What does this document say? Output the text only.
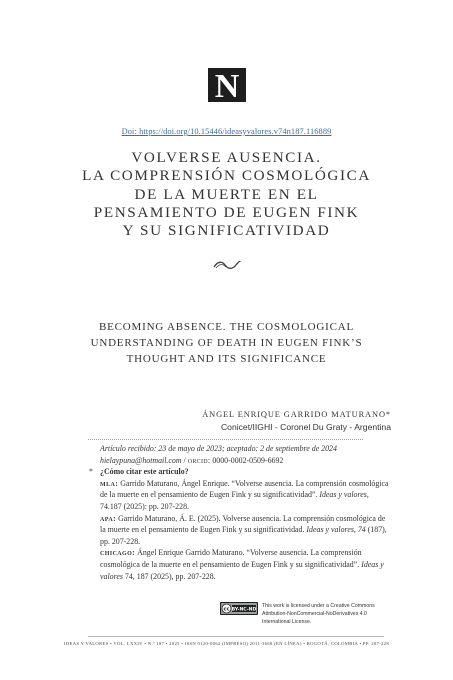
N
Doi: https://doi.org/10.15446/ideasyvalores.v74n187.116889
VOLVERSE AUSENCIA.
LA COMPRENSIÓN COSMOLÓGICA
DE LA MUERTE EN EL
PENSAMIENTO DE EUGEN FINK
Y SU SIGNIFICATIVIDAD
BECOMING ABSENCE. THE COSMOLOGICAL
UNDERSTANDING OF DEATH IN EUGEN FINK’S
THOUGHT AND ITS SIGNIFICANCE
ÁNGEL ENRIQUE GARRIDO MATURANO*
Conicet/IIGHI - Coronel Du Graty - Argentina
*

Artículo recibido: 23 de mayo de 2023; aceptado: 2 de septiembre de 2024

hielaypuna@hotmail.com / orcid: 0000-0002-0509-6692

¿Cómo citar este artículo?

mla: Garrido Maturano, Ángel Enrique. “Volverse ausencia. La comprensión cosmológica de la muerte en el pensamiento de Eugen Fink y su significatividad”. Ideas y valores, 74.187 (2025): pp. 207-228.

apa: Garrido Maturano, Á. E. (2025). Volverse ausencia. La comprensión cosmológica de la muerte en el pensamiento de Eugen Fink y su significatividad. Ideas y valores, 74 (187), pp. 207-228.

chicago: Ángel Enrique Garrido Maturano. “Volverse ausencia. La comprensión cosmológica de la muerte en el pensamiento de Eugen Fink y su significatividad”. Ideas y valores 74, 187 (2025), pp. 207-228.

cc BY-NC-ND
This work is licensed under a Creative Commons Attribution-NonCommercial-NoDerivatives 4.0 International License.
IDEAS Y VALORES • VOL. LXXIV • N.º 187 • 2025 • ISSN 0120-0062 (IMPRESO) 2011-3668 (EN LÍNEA) • BOGOTÁ, COLOMBIA • PP. 207-228
